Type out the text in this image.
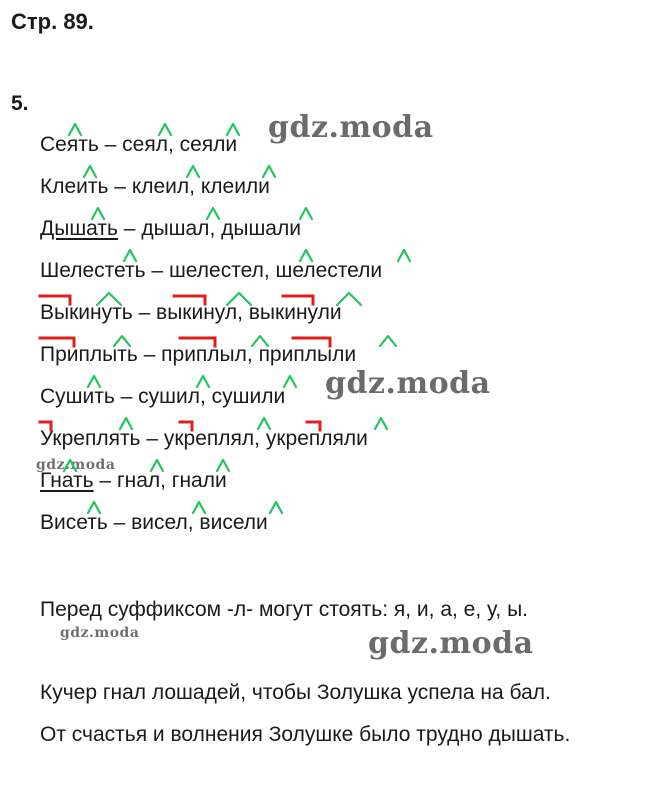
Стр. 89.
5.
Сеять – сеял, сеяли
Клеить – клеил, клеили
Дышать – дышал, дышали
Шелестеть – шелестел, шелестели
Выкинуть – выкинул, выкинули
Приплыть – приплыл, приплыли
Сушить – сушил, сушили
Укреплять – укреплял, укрепляли
Гнать – гнал, гнали
Висеть – висел, висели
Перед суффиксом -л- могут стоять: я, и, а, е, у, ы.
Кучер гнал лошадей, чтобы Золушка успела на бал.
От счастья и волнения Золушке было трудно дышать.
gdz.moda
gdz.moda
gdz.moda
gdz.moda	gdz.moda
